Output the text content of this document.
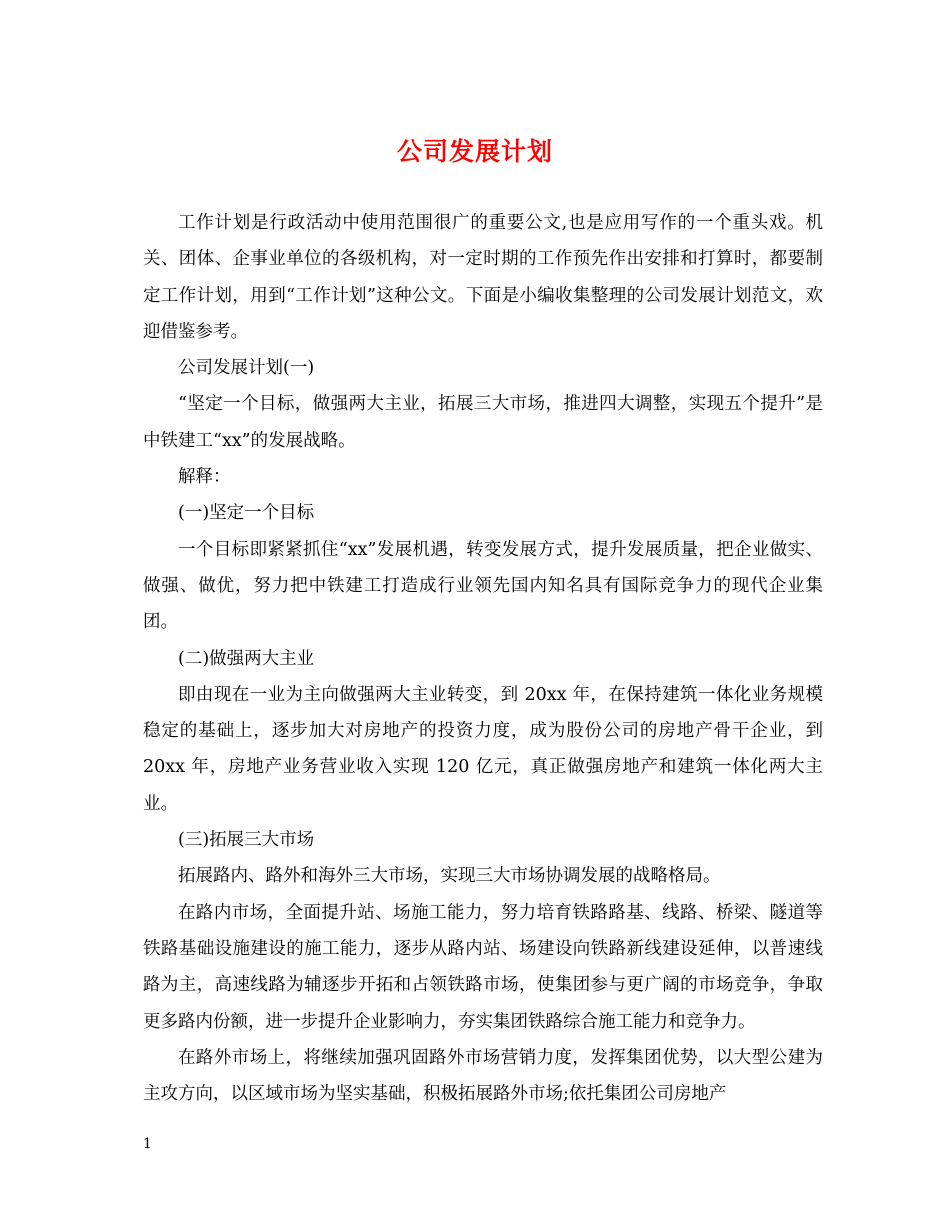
公司发展计划

工作计划是行政活动中使用范围很广的重要公文,也是应用写作的一个重头戏。机关、团体、企事业单位的各级机构，对一定时期的工作预先作出安排和打算时，都要制定工作计划，用到“工作计划”这种公文。下面是小编收集整理的公司发展计划范文，欢迎借鉴参考。

公司发展计划(一)

“坚定一个目标，做强两大主业，拓展三大市场，推进四大调整，实现五个提升”是中铁建工“xx”的发展战略。

解释：

(一)坚定一个目标

一个目标即紧紧抓住“xx”发展机遇，转变发展方式，提升发展质量，把企业做实、做强、做优，努力把中铁建工打造成行业领先国内知名具有国际竞争力的现代企业集团。

(二)做强两大主业

即由现在一业为主向做强两大主业转变，到 20xx 年，在保持建筑一体化业务规模稳定的基础上，逐步加大对房地产的投资力度，成为股份公司的房地产骨干企业，到 20xx 年，房地产业务营业收入实现 120 亿元，真正做强房地产和建筑一体化两大主业。

(三)拓展三大市场

拓展路内、路外和海外三大市场，实现三大市场协调发展的战略格局。

在路内市场，全面提升站、场施工能力，努力培育铁路路基、线路、桥梁、隧道等铁路基础设施建设的施工能力，逐步从路内站、场建设向铁路新线建设延伸，以普速线路为主，高速线路为辅逐步开拓和占领铁路市场，使集团参与更广阔的市场竞争，争取更多路内份额，进一步提升企业影响力，夯实集团铁路综合施工能力和竞争力。

在路外市场上，将继续加强巩固路外市场营销力度，发挥集团优势，以大型公建为主攻方向，以区域市场为坚实基础，积极拓展路外市场;依托集团公司房地产

1
